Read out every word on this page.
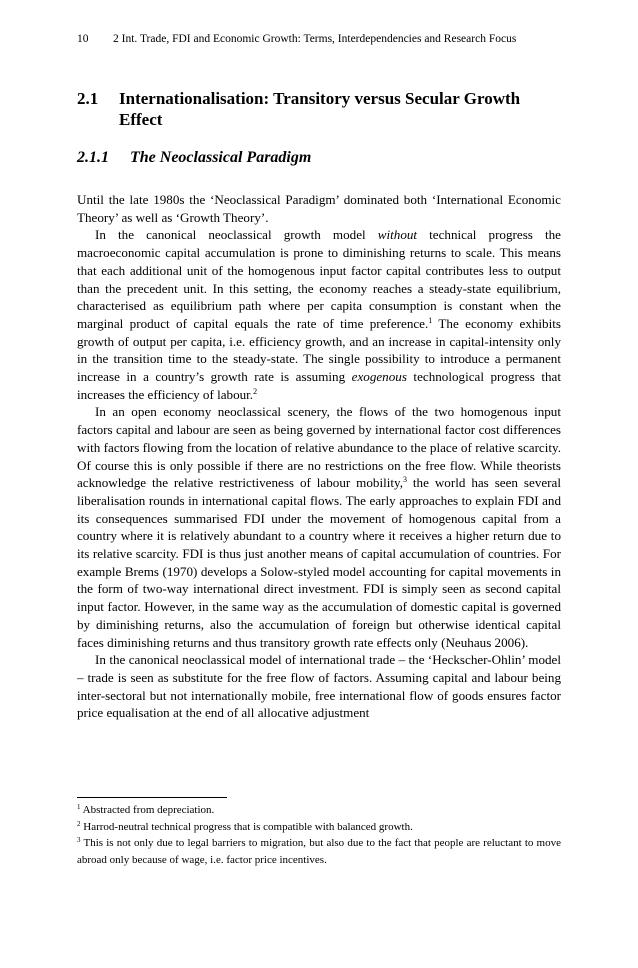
10 2 Int. Trade, FDI and Economic Growth: Terms, Interdependencies and Research Focus
2.1 Internationalisation: Transitory versus Secular Growth Effect
2.1.1 The Neoclassical Paradigm

Until the late 1980s the ‘Neoclassical Paradigm’ dominated both ‘International Economic Theory’ as well as ‘Growth Theory’.

In the canonical neoclassical growth model without technical progress the macroeconomic capital accumulation is prone to diminishing returns to scale. This means that each additional unit of the homogenous input factor capital contributes less to output than the precedent unit. In this setting, the economy reaches a steady-state equilibrium, characterised as equilibrium path where per capita consumption is constant when the marginal product of capital equals the rate of time preference.$^1$ The economy exhibits growth of output per capita, i.e. efficiency growth, and an increase in capital-intensity only in the transition time to the steady-state. The single possibility to introduce a permanent increase in a country’s growth rate is assuming exogenous technological progress that increases the efficiency of labour.$^2$

In an open economy neoclassical scenery, the flows of the two homogenous input factors capital and labour are seen as being governed by international factor cost differences with factors flowing from the location of relative abundance to the place of relative scarcity. Of course this is only possible if there are no restrictions on the free flow. While theorists acknowledge the relative restrictiveness of labour mobility,$^3$ the world has seen several liberalisation rounds in international capital flows. The early approaches to explain FDI and its consequences summarised FDI under the movement of homogenous capital from a country where it is relatively abundant to a country where it receives a higher return due to its relative scarcity. FDI is thus just another means of capital accumulation of countries. For example Brems (1970) develops a Solow-styled model accounting for capital movements in the form of two-way international direct investment. FDI is simply seen as second capital input factor. However, in the same way as the accumulation of domestic capital is governed by diminishing returns, also the accumulation of foreign but otherwise identical capital faces diminishing returns and thus transitory growth rate effects only (Neuhaus 2006).

In the canonical neoclassical model of international trade – the ‘Heckscher-Ohlin’ model – trade is seen as substitute for the free flow of factors. Assuming capital and labour being inter-sectoral but not internationally mobile, free international flow of goods ensures factor price equalisation at the end of all allocative adjustment

$^1$ Abstracted from depreciation.

$^2$ Harrod-neutral technical progress that is compatible with balanced growth.

$^3$ This is not only due to legal barriers to migration, but also due to the fact that people are reluctant to move abroad only because of wage, i.e. factor price incentives.
